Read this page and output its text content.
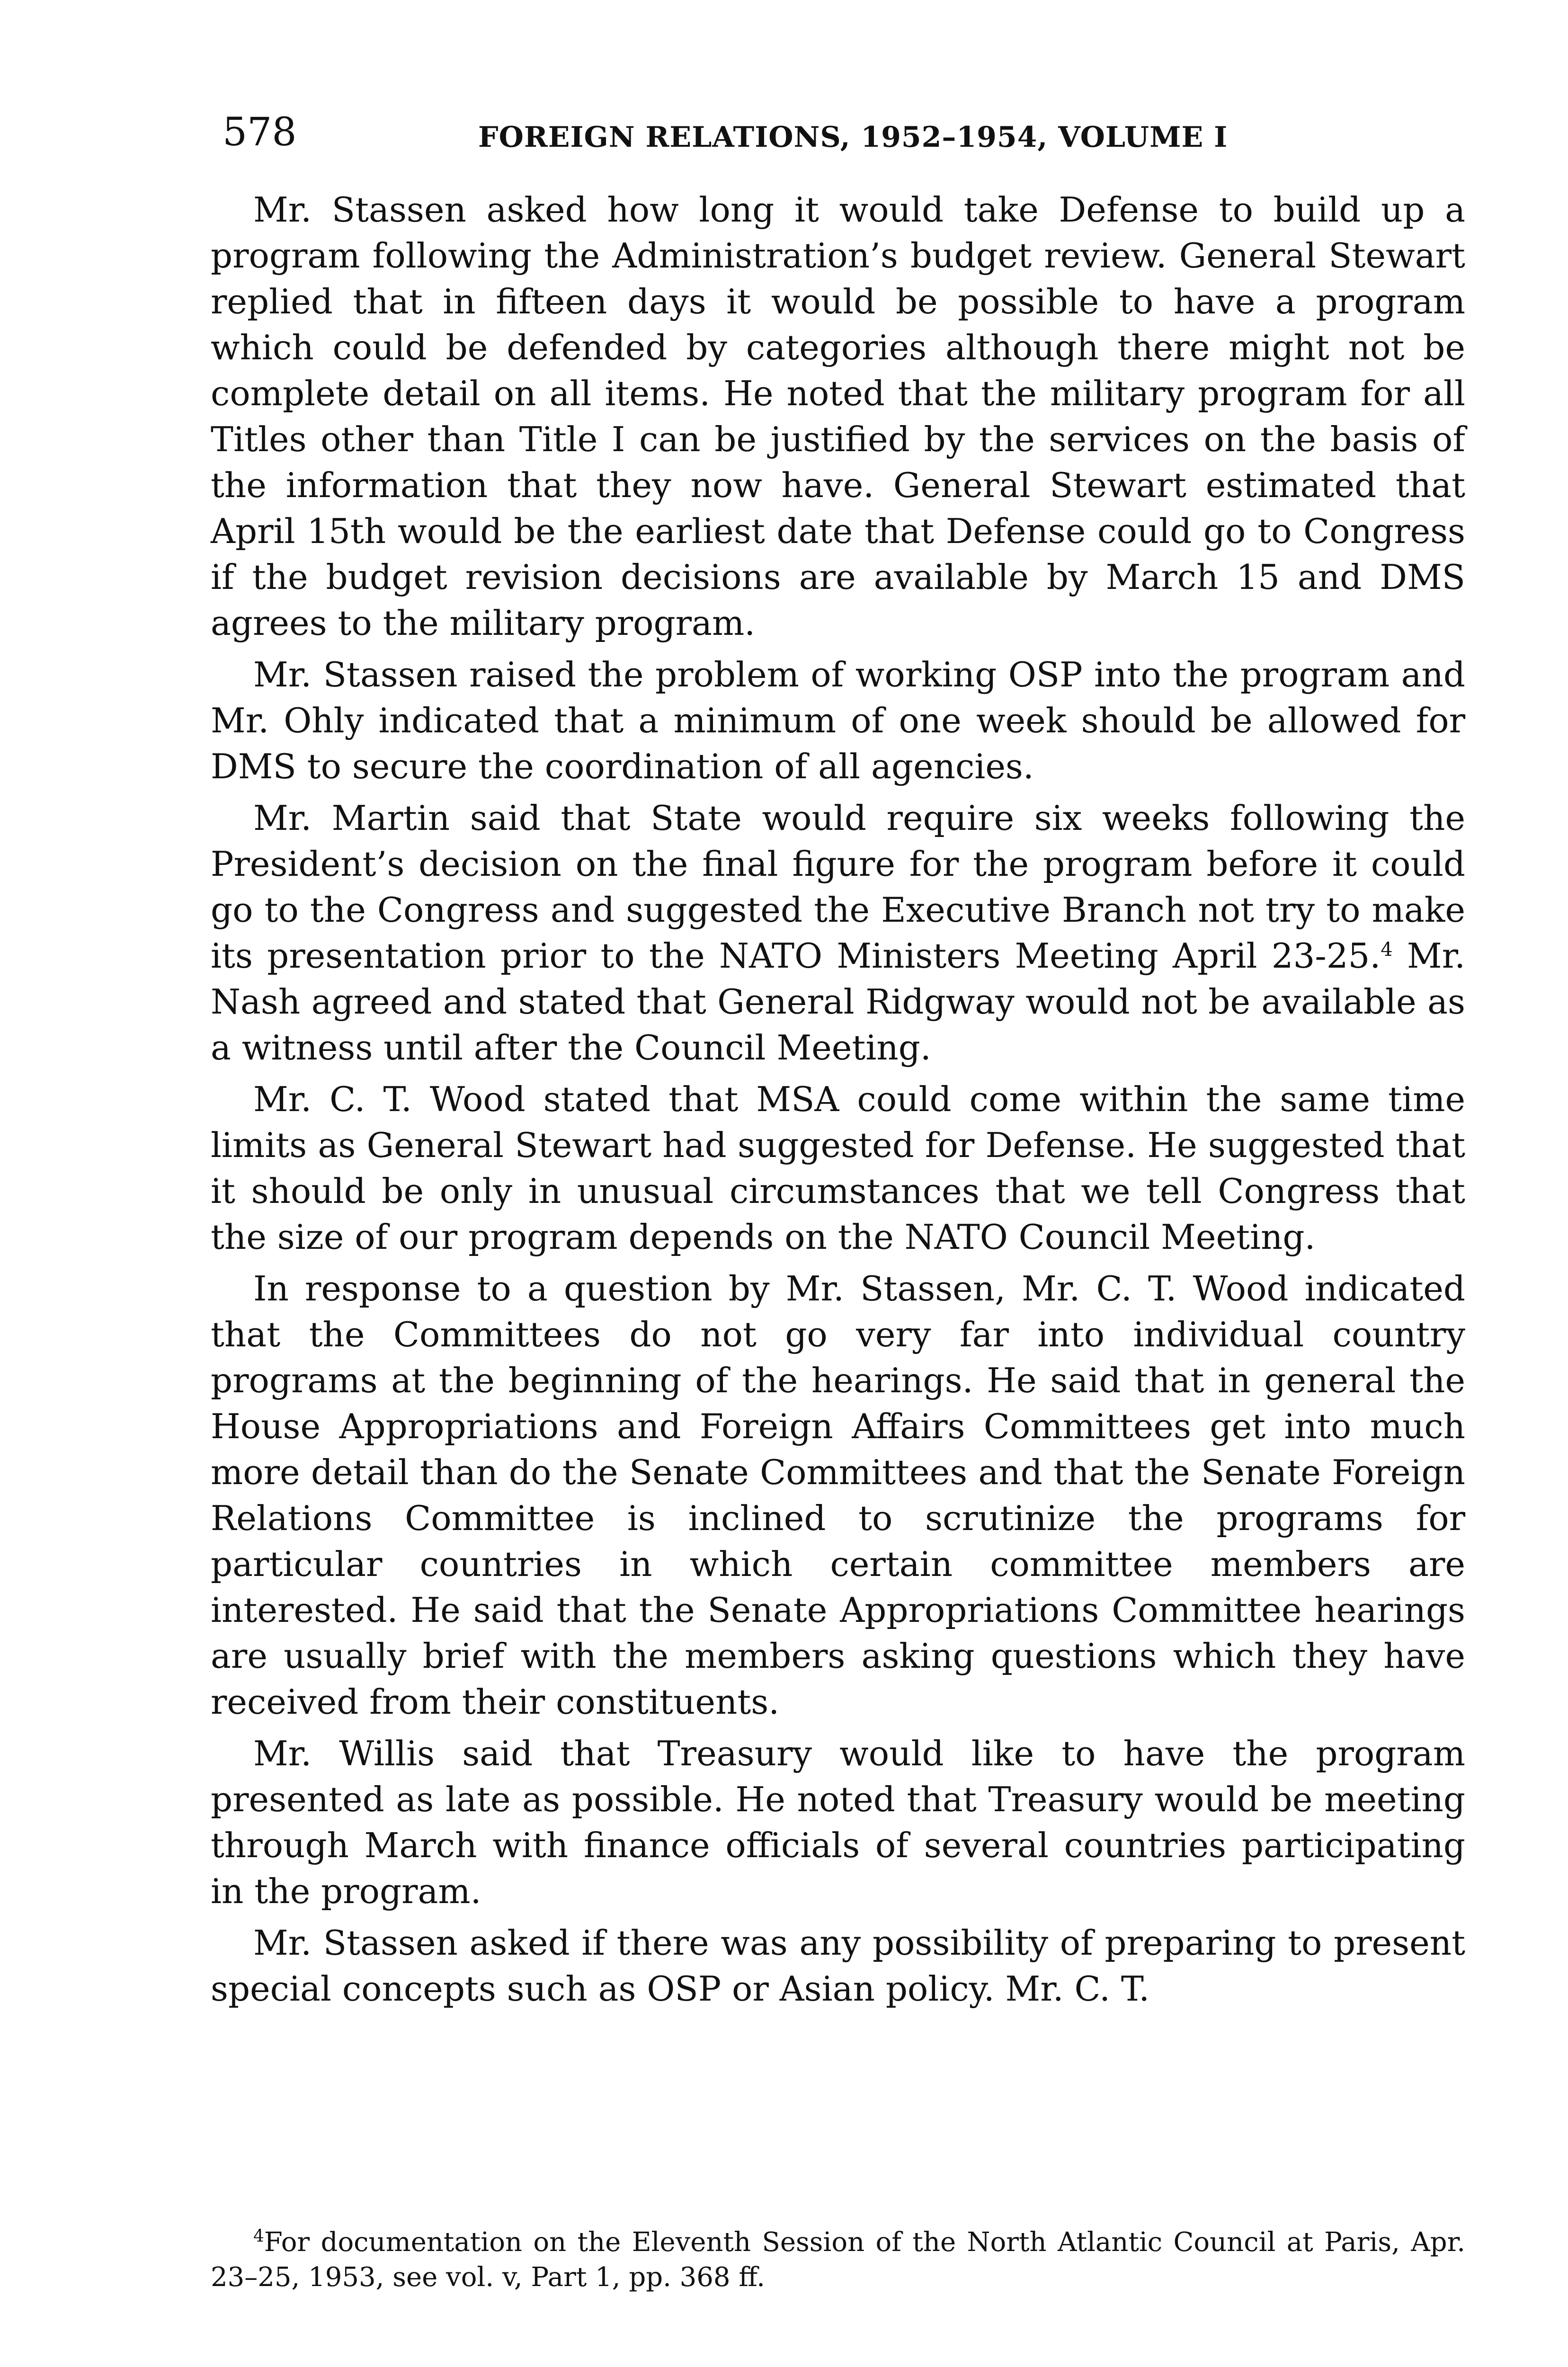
578	FOREIGN RELATIONS, 1952–1954, VOLUME I

Mr. Stassen asked how long it would take Defense to build up a program following the Administration’s budget review. General Stewart replied that in fifteen days it would be possible to have a program which could be defended by categories although there might not be complete detail on all items. He noted that the military program for all Titles other than Title I can be justified by the services on the basis of the information that they now have. General Stewart estimated that April 15th would be the earliest date that Defense could go to Congress if the budget revision decisions are available by March 15 and DMS agrees to the military program.

Mr. Stassen raised the problem of working OSP into the program and Mr. Ohly indicated that a minimum of one week should be allowed for DMS to secure the coordination of all agencies.

Mr. Martin said that State would require six weeks following the President’s decision on the final figure for the program before it could go to the Congress and suggested the Executive Branch not try to make its presentation prior to the NATO Ministers Meeting April 23-25.$^4$ Mr. Nash agreed and stated that General Ridgway would not be available as a witness until after the Council Meeting.

Mr. C. T. Wood stated that MSA could come within the same time limits as General Stewart had suggested for Defense. He suggested that it should be only in unusual circumstances that we tell Congress that the size of our program depends on the NATO Council Meeting.

In response to a question by Mr. Stassen, Mr. C. T. Wood indicated that the Committees do not go very far into individual country programs at the beginning of the hearings. He said that in general the House Appropriations and Foreign Affairs Committees get into much more detail than do the Senate Committees and that the Senate Foreign Relations Committee is inclined to scrutinize the programs for particular countries in which certain committee members are interested. He said that the Senate Appropriations Committee hearings are usually brief with the members asking questions which they have received from their constituents.

Mr. Willis said that Treasury would like to have the program presented as late as possible. He noted that Treasury would be meeting through March with finance officials of several countries participating in the program.

Mr. Stassen asked if there was any possibility of preparing to present special concepts such as OSP or Asian policy. Mr. C. T.

$^4$For documentation on the Eleventh Session of the North Atlantic Council at Paris, Apr. 23–25, 1953, see vol. v, Part 1, pp. 368 ff.
